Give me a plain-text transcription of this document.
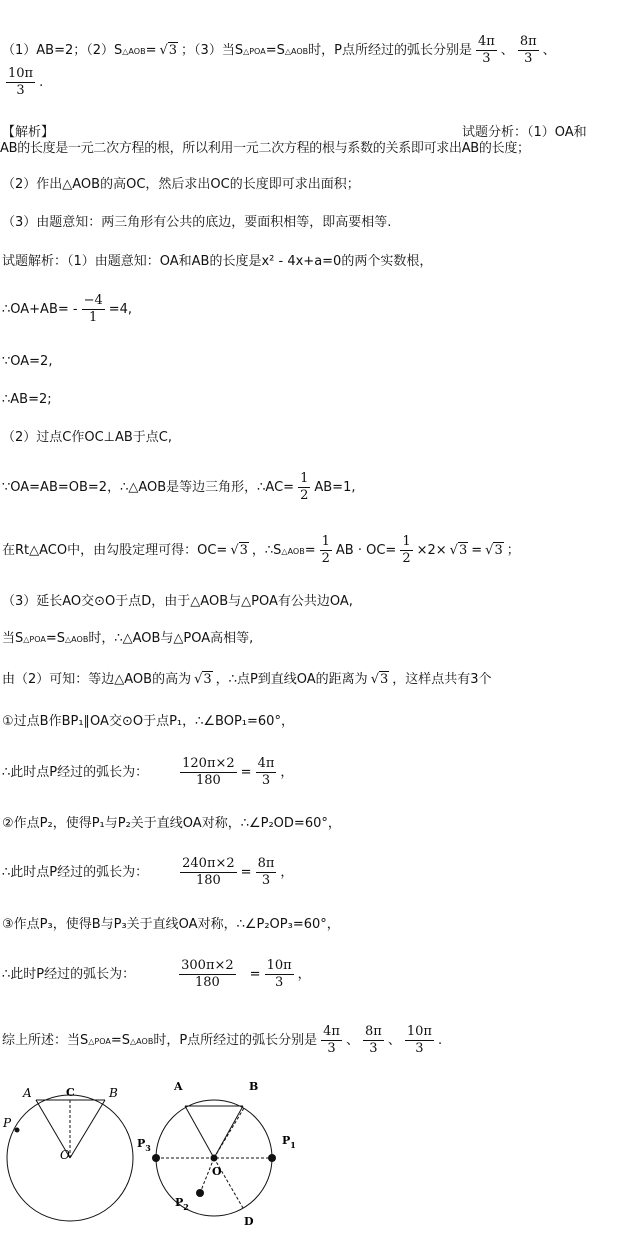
（1）AB=2；（2）S△AOB= √3 ；（3）当S△POA=S△AOB时，P点所经过的弧长分别是 $\frac{4\pi}{3}$ 、 $\frac{8\pi}{3}$ 、
$\frac{10\pi}{3}$ .
【解析】	试题分析：（1）OA和
AB的长度是一元二次方程的根，所以利用一元二次方程的根与系数的关系即可求出AB的长度；
（2）作出△AOB的高OC，然后求出OC的长度即可求出面积；
（3）由题意知：两三角形有公共的底边，要面积相等，即高要相等.
试题解析：（1）由题意知：OA和AB的长度是x² - 4x+a=0的两个实数根，
∴OA+AB= - $\frac{-4}{1} =4$,
∵OA=2,
∴AB=2;
（2）过点C作OC⊥AB于点C,
∵OA=AB=OB=2，∴△AOB是等边三角形，∴AC= $\frac{1}{2} AB=1$,
在Rt△ACO中，由勾股定理可得：OC= √3 ，∴S△AOB= $\frac{1}{2}$ AB · $OC= \frac{1}{2} \times 2\times √3 = √3$ ；
（3）延长AO交⊙O于点D，由于△AOB与△POA有公共边OA,
当S△POA=S△AOB时，∴△AOB与△POA高相等,
由（2）可知：等边△AOB的高为 √3 ，∴点P到直线OA的距离为 √3 ，这样点共有3个
①过点B作BP₁∥OA交⊙O于点P₁，∴∠BOP₁=60°，
∴此时点P经过的弧长为： $\frac{120\pi\times 2}{180} = \frac{4\pi}{3}$ ，
②作点P₂，使得P₁与P₂关于直线OA对称，∴∠P₂OD=60°，
∴此时点P经过的弧长为： $\frac{240\pi\times 2}{180} = \frac{8\pi}{3}$ ，
③作点P₃，使得B与P₃关于直线OA对称，∴∠P₂OP₃=60°，
∴此时P经过的弧长为：	$\frac{300\pi\times 2}{180} = \frac{10\pi}{3}$ ，
综上所述：当S△POA=S△AOB时，P点所经过的弧长分别是 $\frac{4\pi}{3}$ 、 $\frac{8\pi}{3}$ 、 $\frac{10\pi}{3}$ .
A	C	B
O
P
A	B
O
D
$P_1$
$P_3$
$P_2$
